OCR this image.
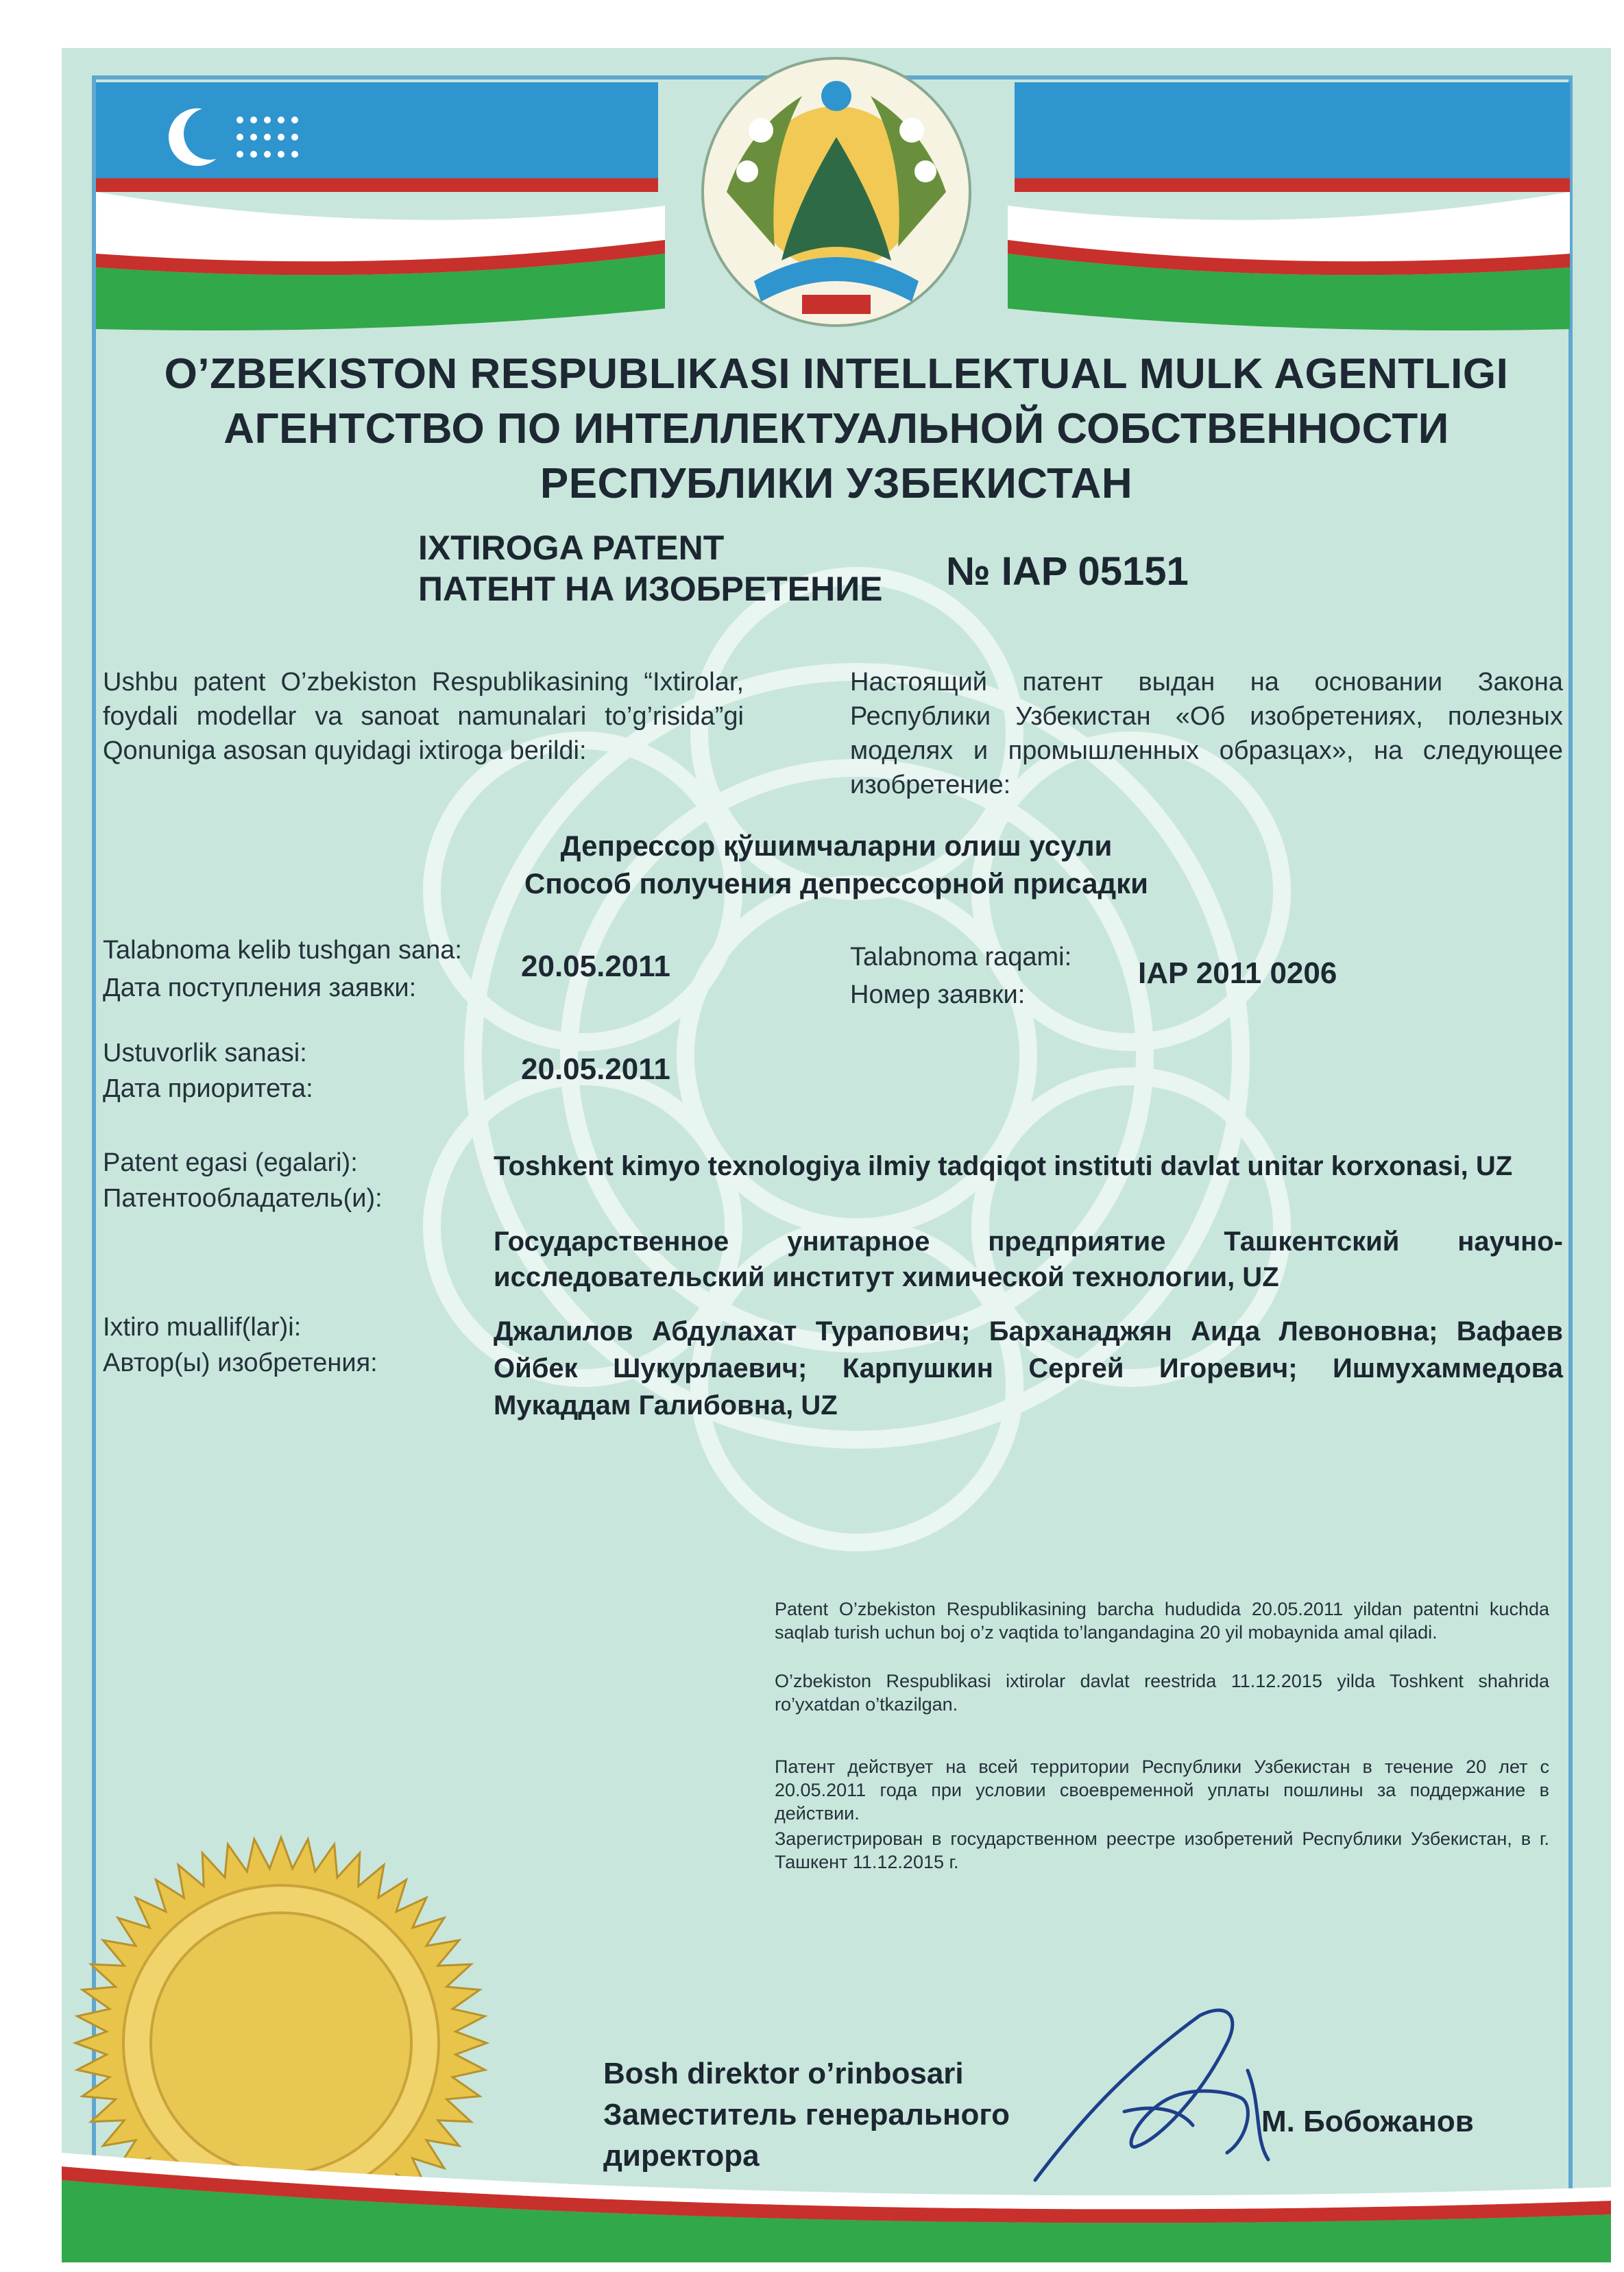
O’ZBEKISTON RESPUBLIKASI INTELLEKTUAL MULK AGENTLIGI
АГЕНТСТВО ПО ИНТЕЛЛЕКТУАЛЬНОЙ СОБСТВЕННОСТИ
РЕСПУБЛИКИ УЗБЕКИСТАН
IXTIROGA PATENT
ПАТЕНТ НА ИЗОБРЕТЕНИЕ № IAP 05151
Ushbu patent O’zbekiston Respublikasining “Ixtirolar, foydali modellar va sanoat namunalari to’g’risida”gi Qonuniga asosan quyidagi ixtiroga berildi:
Настоящий патент выдан на основании Закона Республики Узбекистан «Об изобретениях, полезных моделях и промышленных образцах», на следующее изобретение:
Депрессор қўшимчаларни олиш усули
Способ получения депрессорной присадки
Talabnoma kelib tushgan sana:
Дата поступления заявки:
20.05.2011	Talabnoma raqami:
Номер заявки:
IAP 2011 0206
Ustuvorlik sanasi:
Дата приоритета:
20.05.2011
Patent egasi (egalari):
Патентообладатель(и):
Toshkent kimyo texnologiya ilmiy tadqiqot instituti davlat unitar korxonasi, UZ
Государственное унитарное предприятие Ташкентский научно-исследовательский институт химической технологии, UZ
Ixtiro muallif(lar)i:
Автор(ы) изобретения:
Джалилов Абдулахат Турапович; Барханаджян Аида Левоновна; Вафаев Ойбек Шукурлаевич; Карпушкин Сергей Игоревич; Ишмухаммедова Мукаддам Галибовна, UZ
Patent O’zbekiston Respublikasining barcha hududida 20.05.2011 yildan patentni kuchda saqlab turish uchun boj o’z vaqtida to’langandagina 20 yil mobaynida amal qiladi.
O’zbekiston Respublikasi ixtirolar davlat reestrida 11.12.2015 yilda Toshkent shahrida ro’yxatdan o’tkazilgan.
Патент действует на всей территории Республики Узбекистан в течение 20 лет с 20.05.2011 года при условии своевременной уплаты пошлины за поддержание в действии.
Зарегистрирован в государственном реестре изобретений Республики Узбекистан, в г. Ташкент 11.12.2015 г.
Bosh direktor o’rinbosari
Заместитель генерального
директора
М. Бобожанов
